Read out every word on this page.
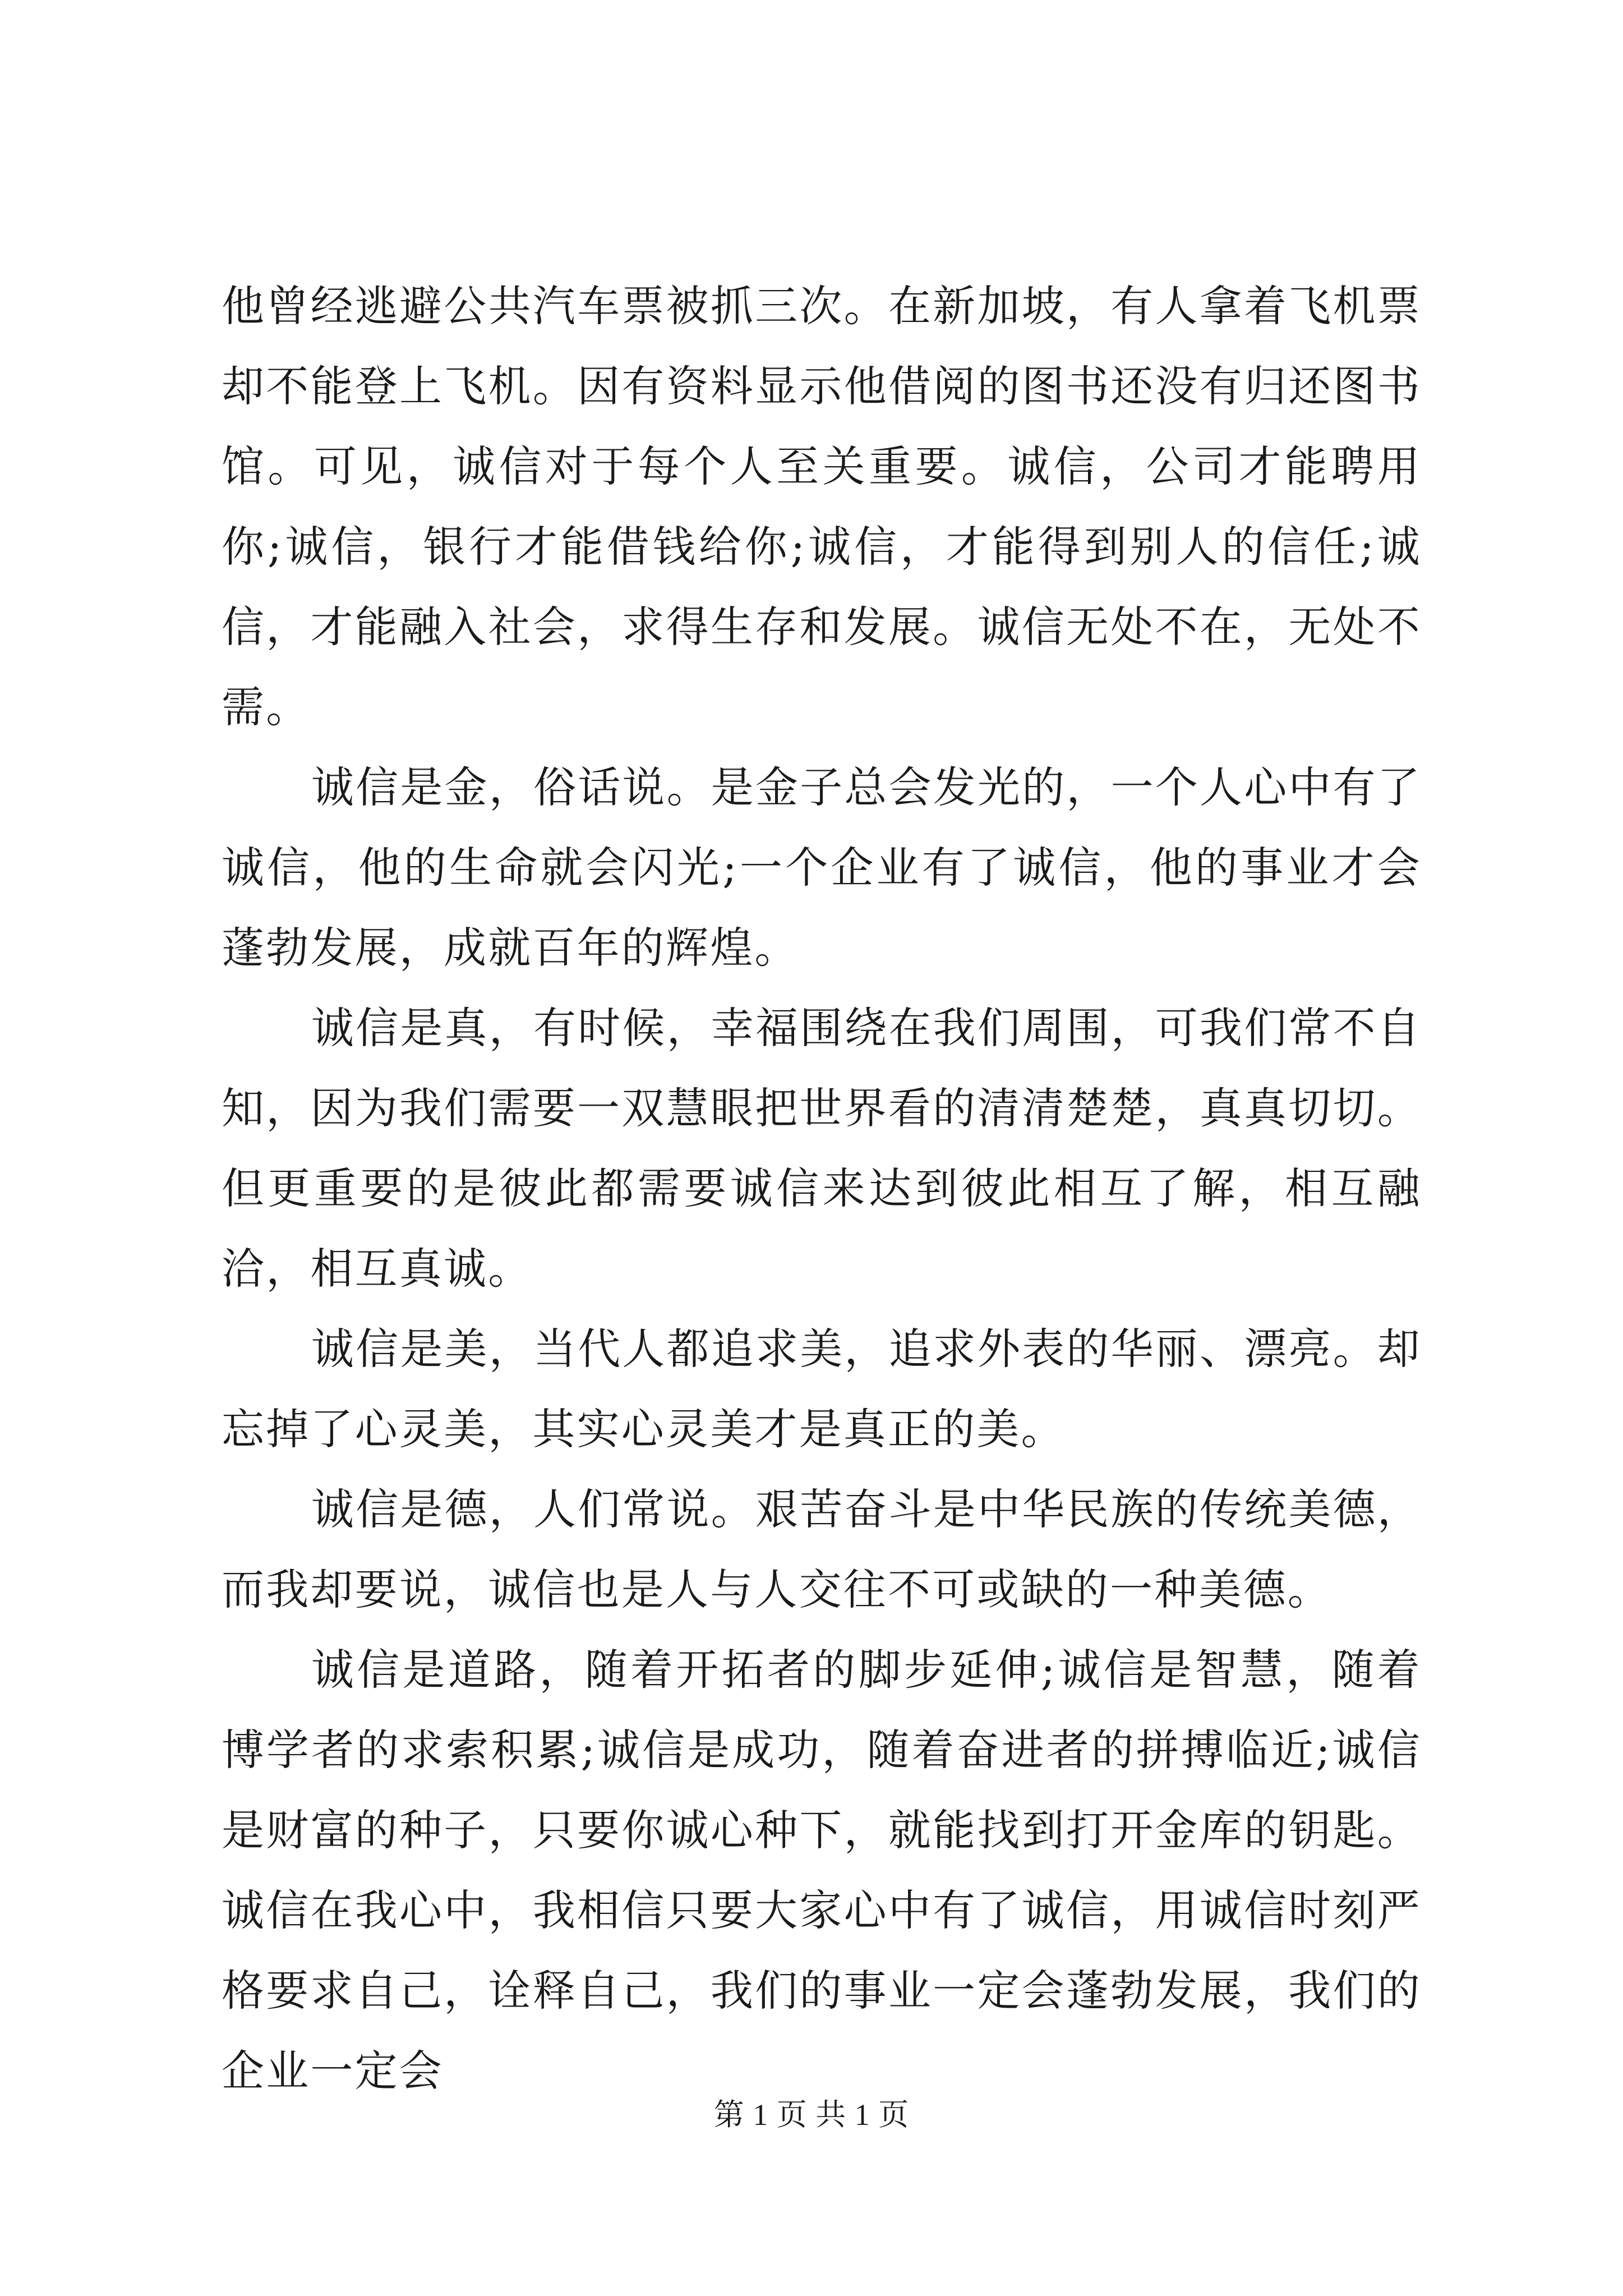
他曾经逃避公共汽车票被抓三次。在新加坡，有人拿着飞机票却不能登上飞机。因有资料显示他借阅的图书还没有归还图书馆。可见，诚信对于每个人至关重要。诚信，公司才能聘用你;诚信，银行才能借钱给你;诚信，才能得到别人的信任;诚信，才能融入社会，求得生存和发展。诚信无处不在，无处不需。

诚信是金，俗话说。是金子总会发光的，一个人心中有了诚信，他的生命就会闪光;一个企业有了诚信，他的事业才会蓬勃发展，成就百年的辉煌。

诚信是真，有时候，幸福围绕在我们周围，可我们常不自知，因为我们需要一双慧眼把世界看的清清楚楚，真真切切。但更重要的是彼此都需要诚信来达到彼此相互了解，相互融洽，相互真诚。

诚信是美，当代人都追求美，追求外表的华丽、漂亮。却忘掉了心灵美，其实心灵美才是真正的美。

诚信是德，人们常说。艰苦奋斗是中华民族的传统美德，而我却要说，诚信也是人与人交往不可或缺的一种美德。

诚信是道路，随着开拓者的脚步延伸;诚信是智慧，随着博学者的求索积累;诚信是成功，随着奋进者的拼搏临近;诚信是财富的种子，只要你诚心种下，就能找到打开金库的钥匙。诚信在我心中，我相信只要大家心中有了诚信，用诚信时刻严格要求自己，诠释自己，我们的事业一定会蓬勃发展，我们的企业一定会

第 1 页 共 1 页
